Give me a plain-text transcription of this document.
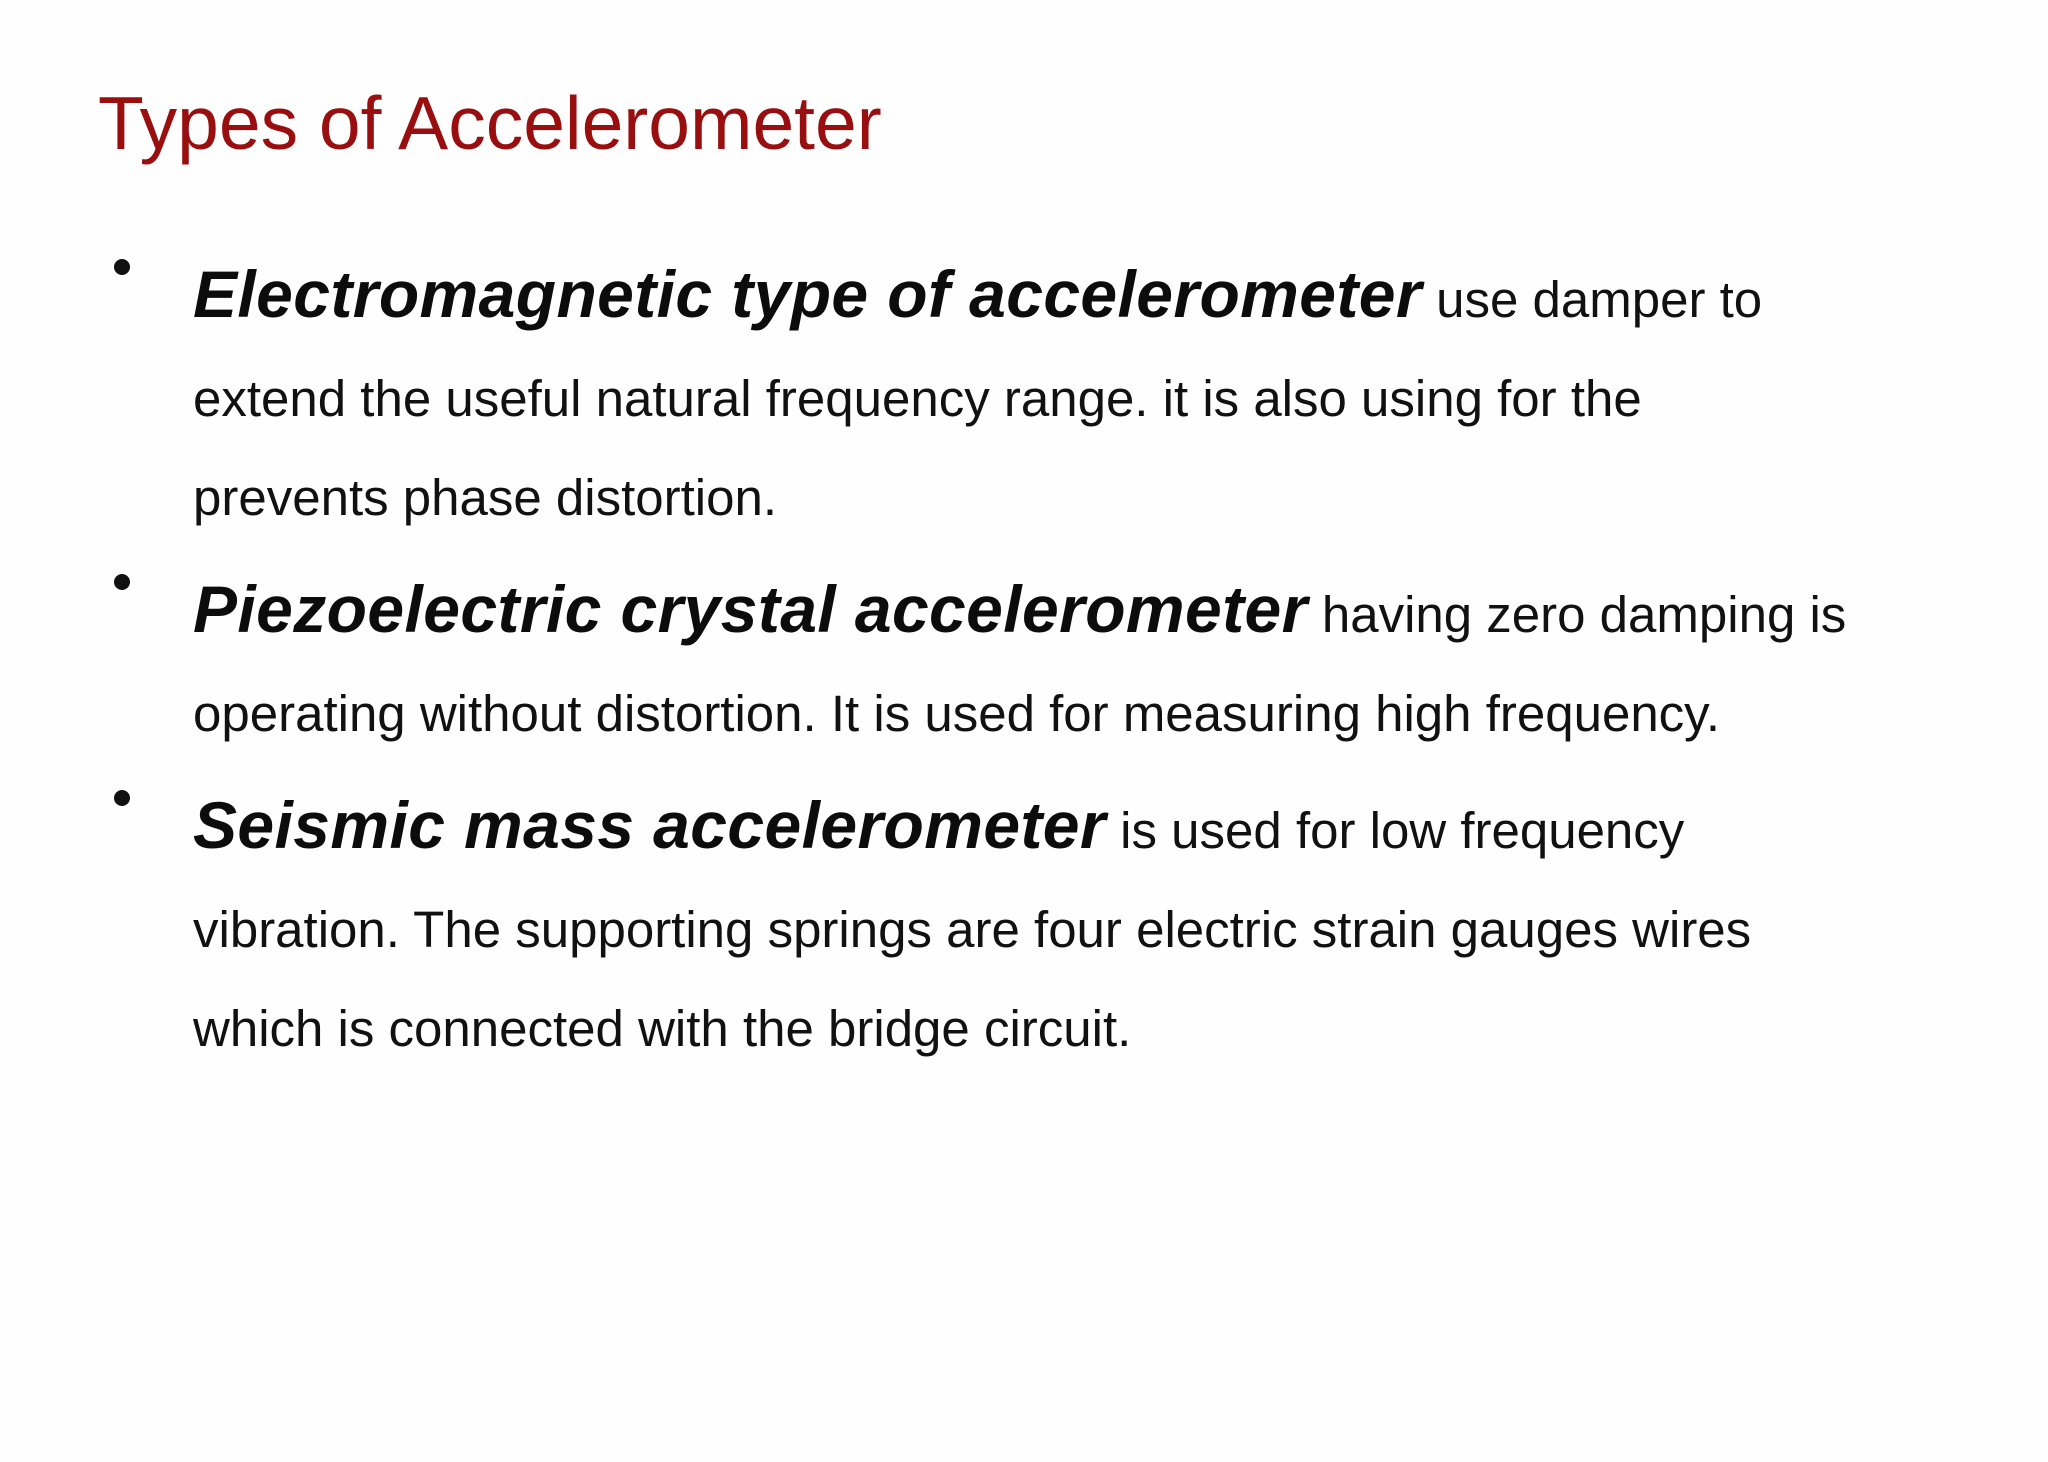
Types of Accelerometer

Electromagnetic type of accelerometer use damper to
extend the useful natural frequency range. it is also using for the
prevents phase distortion.

Piezoelectric crystal accelerometer having zero damping is
operating without distortion. It is used for measuring high frequency.

Seismic mass accelerometer is used for low frequency
vibration. The supporting springs are four electric strain gauges wires
which is connected with the bridge circuit.
